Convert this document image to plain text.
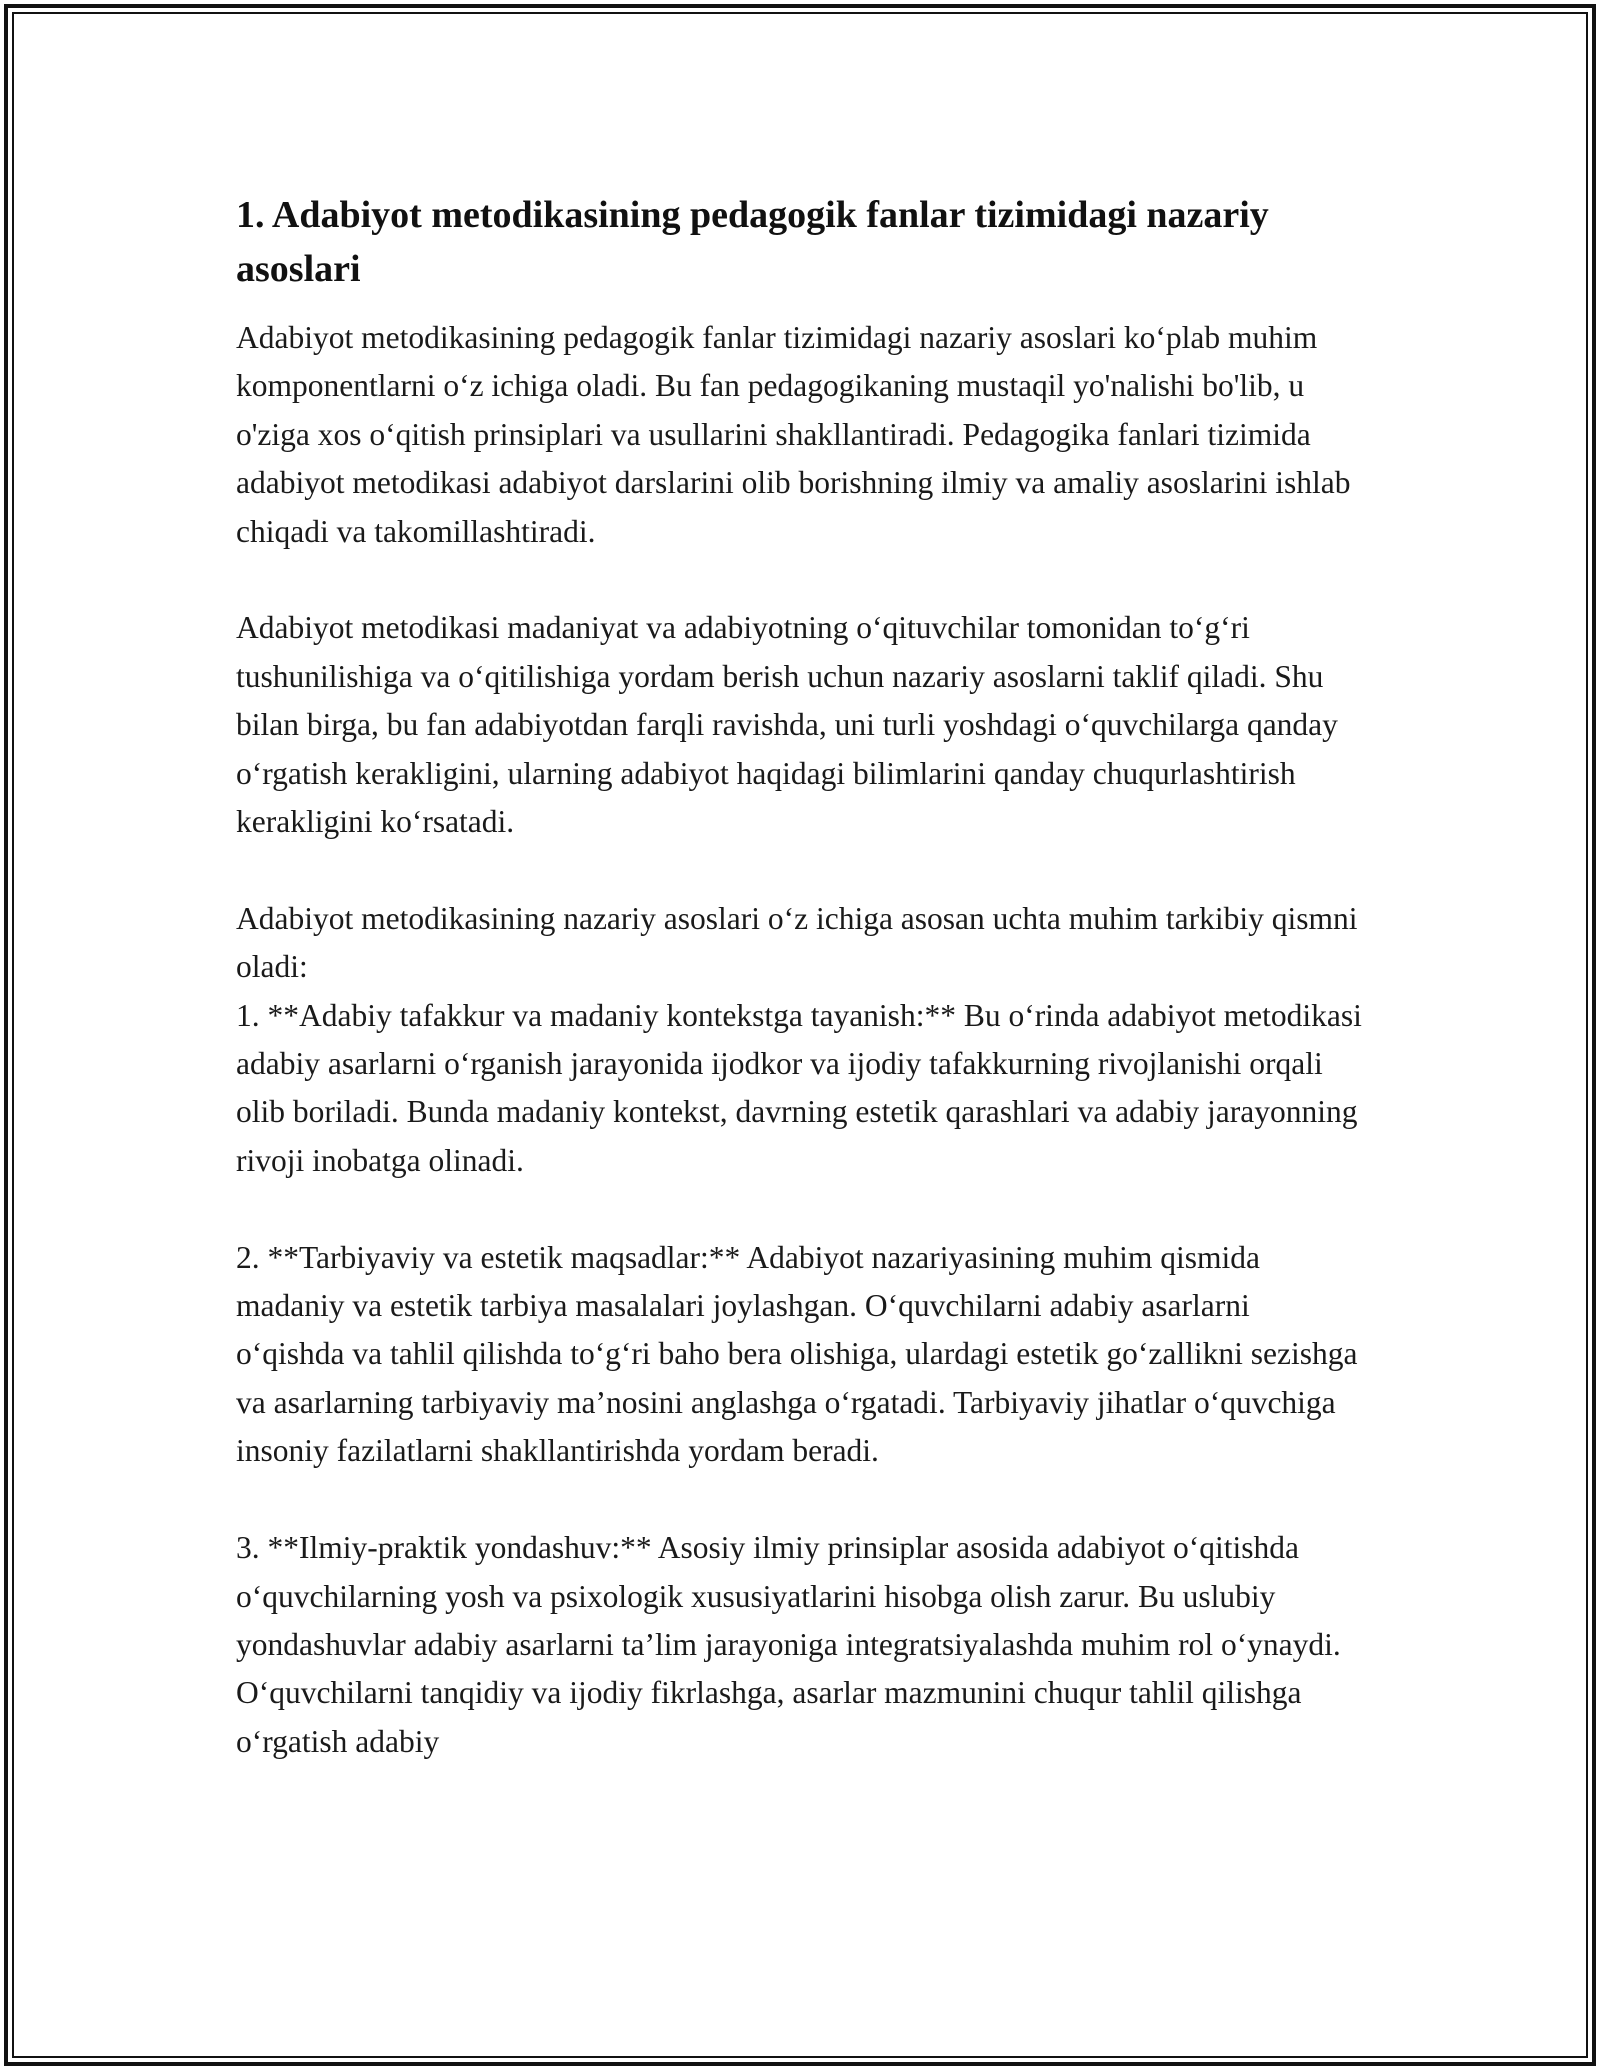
1. Adabiyot metodikasining pedagogik fanlar tizimidagi nazariy asoslari

Adabiyot metodikasining pedagogik fanlar tizimidagi nazariy asoslari ko‘plab muhim komponentlarni o‘z ichiga oladi. Bu fan pedagogikaning mustaqil yo'nalishi bo'lib, u o'ziga xos o‘qitish prinsiplari va usullarini shakllantiradi. Pedagogika fanlari tizimida adabiyot metodikasi adabiyot darslarini olib borishning ilmiy va amaliy asoslarini ishlab chiqadi va takomillashtiradi.

Adabiyot metodikasi madaniyat va adabiyotning o‘qituvchilar tomonidan to‘g‘ri tushunilishiga va o‘qitilishiga yordam berish uchun nazariy asoslarni taklif qiladi. Shu bilan birga, bu fan adabiyotdan farqli ravishda, uni turli yoshdagi o‘quvchilarga qanday o‘rgatish kerakligini, ularning adabiyot haqidagi bilimlarini qanday chuqurlashtirish kerakligini ko‘rsatadi.

Adabiyot metodikasining nazariy asoslari o‘z ichiga asosan uchta muhim tarkibiy qismni oladi:
1. **Adabiy tafakkur va madaniy kontekstga tayanish:** Bu o‘rinda adabiyot metodikasi adabiy asarlarni o‘rganish jarayonida ijodkor va ijodiy tafakkurning rivojlanishi orqali olib boriladi. Bunda madaniy kontekst, davrning estetik qarashlari va adabiy jarayonning rivoji inobatga olinadi.

2. **Tarbiyaviy va estetik maqsadlar:** Adabiyot nazariyasining muhim qismida madaniy va estetik tarbiya masalalari joylashgan. O‘quvchilarni adabiy asarlarni o‘qishda va tahlil qilishda to‘g‘ri baho bera olishiga, ulardagi estetik go‘zallikni sezishga va asarlarning tarbiyaviy ma’nosini anglashga o‘rgatadi. Tarbiyaviy jihatlar o‘quvchiga insoniy fazilatlarni shakllantirishda yordam beradi.

3. **Ilmiy-praktik yondashuv:** Asosiy ilmiy prinsiplar asosida adabiyot o‘qitishda o‘quvchilarning yosh va psixologik xususiyatlarini hisobga olish zarur. Bu uslubiy yondashuvlar adabiy asarlarni ta’lim jarayoniga integratsiyalashda muhim rol o‘ynaydi. O‘quvchilarni tanqidiy va ijodiy fikrlashga, asarlar mazmunini chuqur tahlil qilishga o‘rgatish adabiy
